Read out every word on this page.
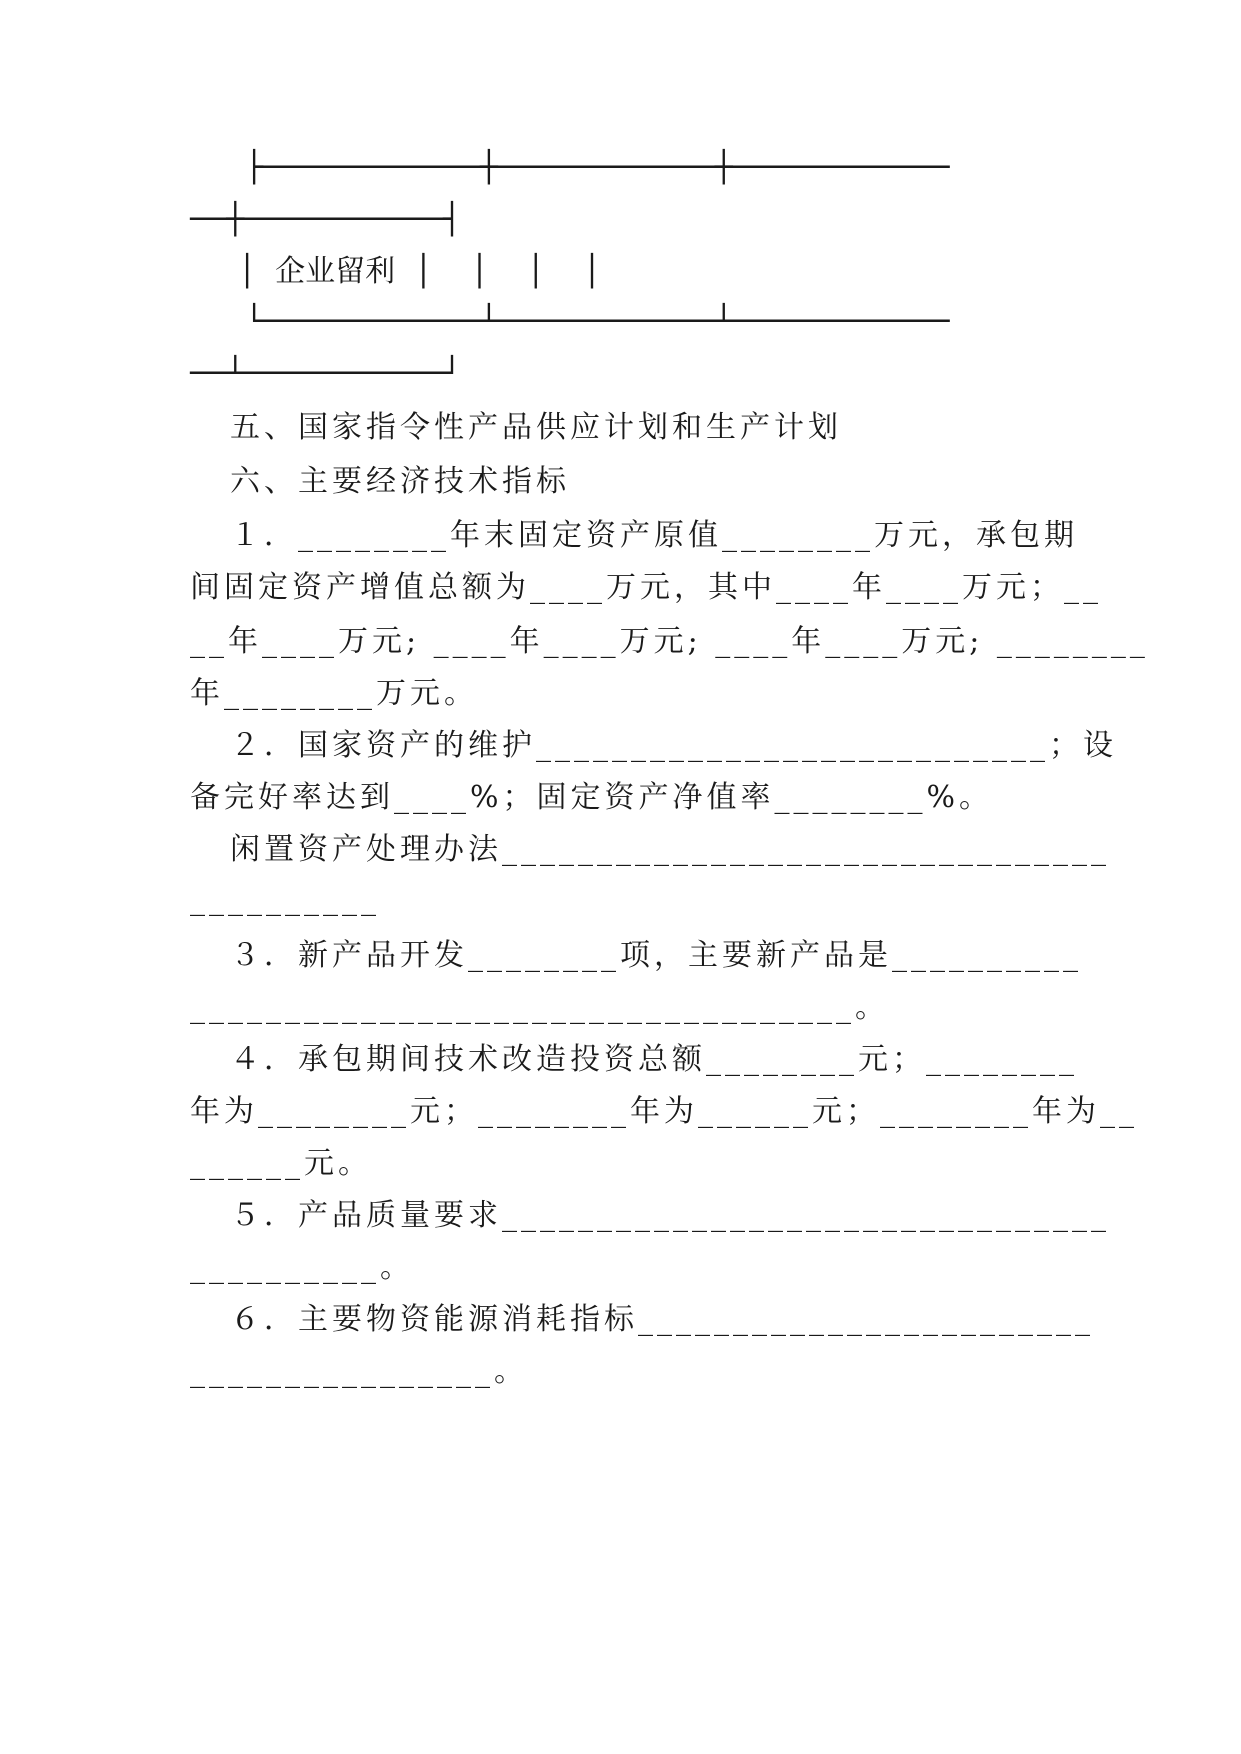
├────────────┼────────────┼────────────
──┼───────────┤
│  企业留利  │    │    │    │
└────────────┴────────────┴────────────
──┴───────────┘
五、国家指令性产品供应计划和生产计划
六、主要经济技术指标
１．________年末固定资产原值________万元，承包期
间固定资产增值总额为____万元，其中____年____万元；__
__年____万元; ____年____万元; ____年____万元; ________
年________万元。
２．国家资产的维护___________________________；设
备完好率达到____%；固定资产净值率________%。
闲置资产处理办法________________________________
__________
３．新产品开发________项，主要新产品是__________
___________________________________。
４．承包期间技术改造投资总额________元；________
年为________元；________年为______元；________年为__
______元。
５．产品质量要求________________________________
__________。
６．主要物资能源消耗指标________________________
________________。
